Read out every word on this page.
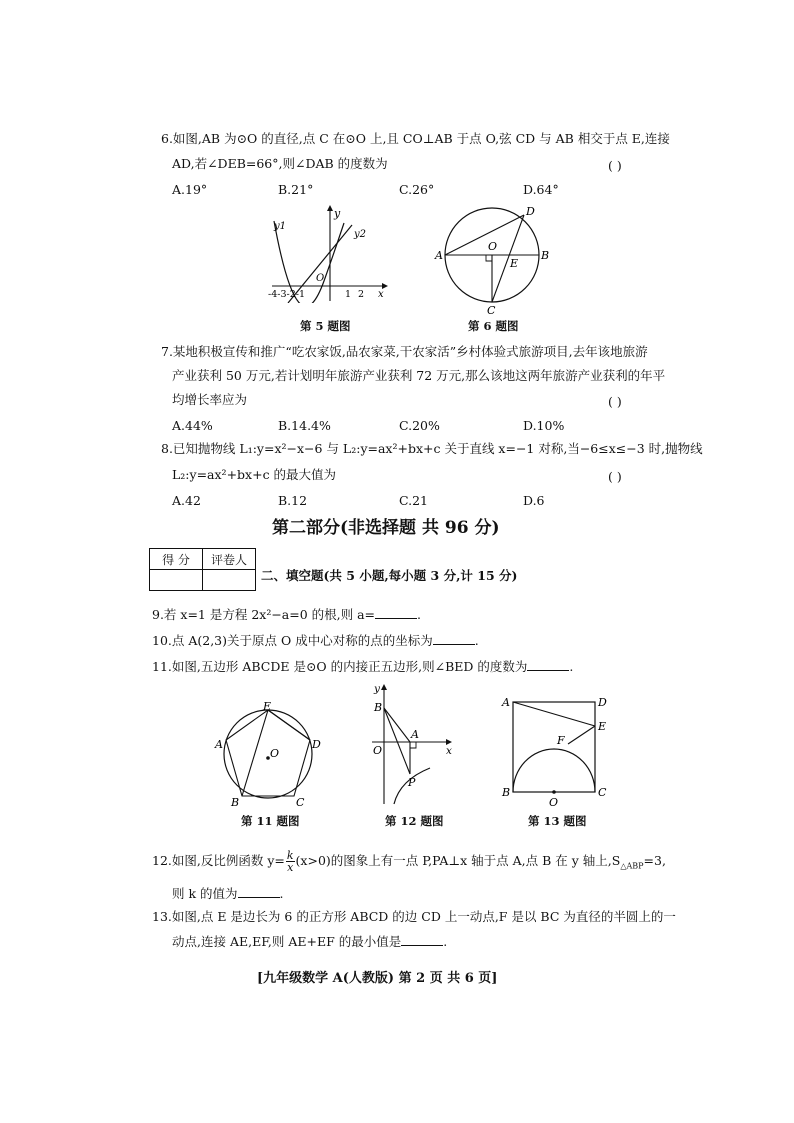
6.如图,AB 为⊙O 的直径,点 C 在⊙O 上,且 CO⊥AB 于点 O,弦 CD 与 AB 相交于点 E,连接
AD,若∠DEB=66°,则∠DAB 的度数为	( )
A.19°	B.21°	C.26°	D.64°
y
y1
y2
O
x
-4-3-2-1	1 2
第 5 题图
A	B
C
D
E
O
第 6 题图
7.某地积极宣传和推广“吃农家饭,品农家菜,干农家活”乡村体验式旅游项目,去年该地旅游
产业获利 50 万元,若计划明年旅游产业获利 72 万元,那么该地这两年旅游产业获利的年平
均增长率应为	( )
A.44%	B.14.4%	C.20%	D.10%
8.已知抛物线 L₁:y=x²−x−6 与 L₂:y=ax²+bx+c 关于直线 x=−1 对称,当−6≤x≤−3 时,抛物线
L₂:y=ax²+bx+c 的最大值为	( )
A.42	B.12	C.21	D.6
第二部分(非选择题 共 96 分)
得 分	评卷人

二、填空题(共 5 小题,每小题 3 分,计 15 分)
9.若 x=1 是方程 2x²−a=0 的根,则 a=	.
10.点 A(2,3)关于原点 O 成中心对称的点的坐标为	.
11.如图,五边形 ABCDE 是⊙O 的内接正五边形,则∠BED 的度数为	.
E
A	D
B	C
O
第 11 题图
y
B
A
O	x
P
第 12 题图
A	D
E
F
B	C
O
第 13 题图
12.如图,反比例函数 $y= \frac{k}{x} (x>0)$的图象上有一点 P,PA⊥x 轴于点 A,点 B 在 y 轴上$,S_{\triangle ABP}=3$,
则 k 的值为	.
13.如图,点 E 是边长为 6 的正方形 ABCD 的边 CD 上一动点,F 是以 BC 为直径的半圆上的一
动点,连接 AE,EF,则 AE+EF 的最小值是	.
[九年级数学 A(人教版) 第 2 页 共 6 页]
